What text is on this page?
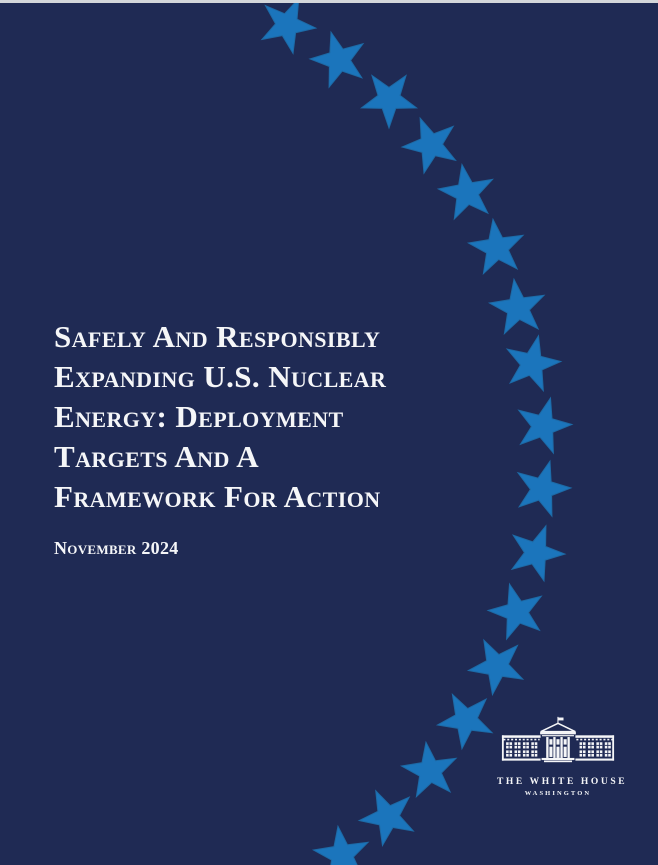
Safely And Responsibly
Expanding U.S. Nuclear
Energy: Deployment
Targets And A
Framework For Action
November 2024
THE WHITE HOUSE
WASHINGTON
